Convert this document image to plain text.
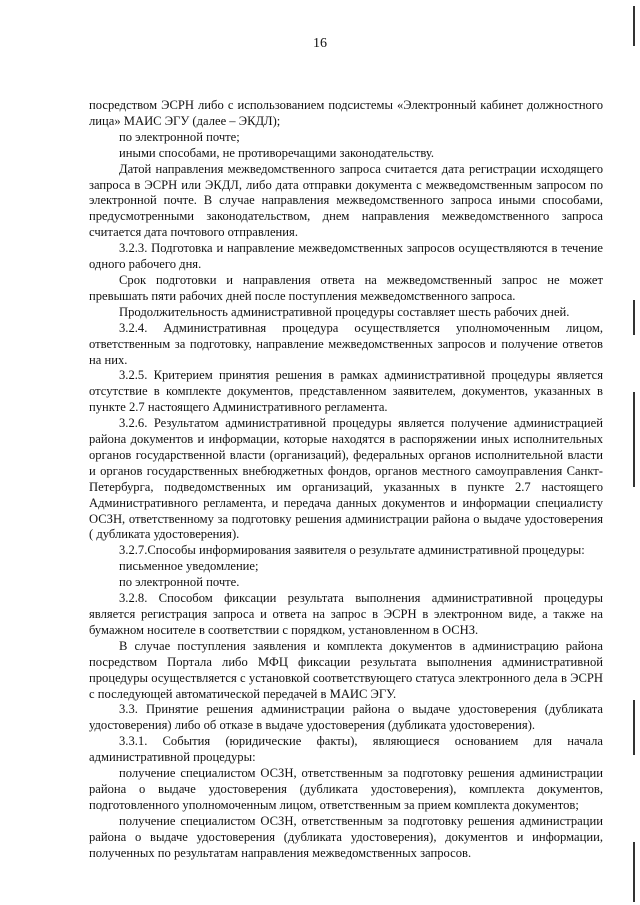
16

посредством ЭСРН либо с использованием подсистемы «Электронный кабинет должностного лица» МАИС ЭГУ (далее – ЭКДЛ);

по электронной почте;

иными способами, не противоречащими законодательству.

Датой направления межведомственного запроса считается дата регистрации исходящего запроса в ЭСРН или ЭКДЛ, либо дата отправки документа с межведомственным запросом по электронной почте. В случае направления межведомственного запроса иными способами, предусмотренными законодательством, днем направления межведомственного запроса считается дата почтового отправления.

3.2.3. Подготовка и направление межведомственных запросов осуществляются в течение одного рабочего дня.

Срок подготовки и направления ответа на межведомственный запрос не может превышать пяти рабочих дней после поступления межведомственного запроса.

Продолжительность административной процедуры составляет шесть рабочих дней.

3.2.4. Административная процедура осуществляется уполномоченным лицом, ответственным за подготовку, направление межведомственных запросов и получение ответов на них.

3.2.5. Критерием принятия решения в рамках административной процедуры является отсутствие в комплекте документов, представленном заявителем, документов, указанных в пункте 2.7 настоящего Административного регламента.

3.2.6. Результатом административной процедуры является получение администрацией района документов и информации, которые находятся в распоряжении иных исполнительных органов государственной власти (организаций), федеральных органов исполнительной власти и органов государственных внебюджетных фондов, органов местного самоуправления Санкт-Петербурга, подведомственных им организаций, указанных в пункте 2.7 настоящего Административного регламента, и передача данных документов и информации специалисту ОСЗН, ответственному за подготовку решения администрации района о выдаче удостоверения ( дубликата удостоверения).

3.2.7.Способы информирования заявителя о результате административной процедуры:

письменное уведомление;

по электронной почте.

3.2.8. Способом фиксации результата выполнения административной процедуры является регистрация запроса и ответа на запрос в ЭСРН в электронном виде, а также на бумажном носителе в соответствии с порядком, установленном в ОСНЗ.

В случае поступления заявления и комплекта документов в администрацию района посредством Портала либо МФЦ фиксации результата выполнения административной процедуры осуществляется с установкой соответствующего статуса электронного дела в ЭСРН с последующей автоматической передачей в МАИС ЭГУ.

3.3. Принятие решения администрации района о выдаче удостоверения (дубликата удостоверения) либо об отказе в выдаче удостоверения (дубликата удостоверения).

3.3.1. События (юридические факты), являющиеся основанием для начала административной процедуры:

получение специалистом ОСЗН, ответственным за подготовку решения администрации района о выдаче удостоверения (дубликата удостоверения), комплекта документов, подготовленного уполномоченным лицом, ответственным за прием комплекта документов;

получение специалистом ОСЗН, ответственным за подготовку решения администрации района о выдаче удостоверения (дубликата удостоверения), документов и информации, полученных по результатам направления межведомственных запросов.
